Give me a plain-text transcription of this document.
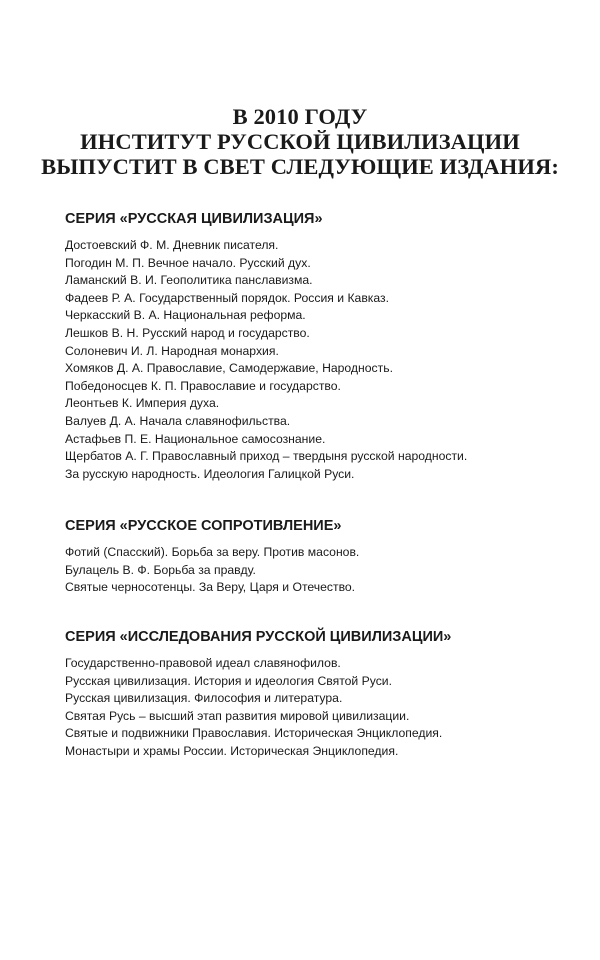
В 2010 ГОДУ
ИНСТИТУТ РУССКОЙ ЦИВИЛИЗАЦИИ
ВЫПУСТИТ В СВЕТ СЛЕДУЮЩИЕ ИЗДАНИЯ:
СЕРИЯ «РУССКАЯ ЦИВИЛИЗАЦИЯ»
Достоевский Ф. М. Дневник писателя.
Погодин М. П. Вечное начало. Русский дух.
Ламанский В. И. Геополитика панславизма.
Фадеев Р. А. Государственный порядок. Россия и Кавказ.
Черкасский В. А. Национальная реформа.
Лешков В. Н. Русский народ и государство.
Солоневич И. Л. Народная монархия.
Хомяков Д. А. Православие, Самодержавие, Народность.
Победоносцев К. П. Православие и государство.
Леонтьев К. Империя духа.
Валуев Д. А. Начала славянофильства.
Астафьев П. Е. Национальное самосознание.
Щербатов А. Г. Православный приход – твердыня русской народности.
За русскую народность. Идеология Галицкой Руси.
СЕРИЯ «РУССКОЕ СОПРОТИВЛЕНИЕ»
Фотий (Спасский). Борьба за веру. Против масонов.
Булацель В. Ф. Борьба за правду.
Святые черносотенцы. За Веру, Царя и Отечество.
СЕРИЯ «ИССЛЕДОВАНИЯ РУССКОЙ ЦИВИЛИЗАЦИИ»
Государственно-правовой идеал славянофилов.
Русская цивилизация. История и идеология Святой Руси.
Русская цивилизация. Философия и литература.
Святая Русь – высший этап развития мировой цивилизации.
Святые и подвижники Православия. Историческая Энциклопедия.
Монастыри и храмы России. Историческая Энциклопедия.
